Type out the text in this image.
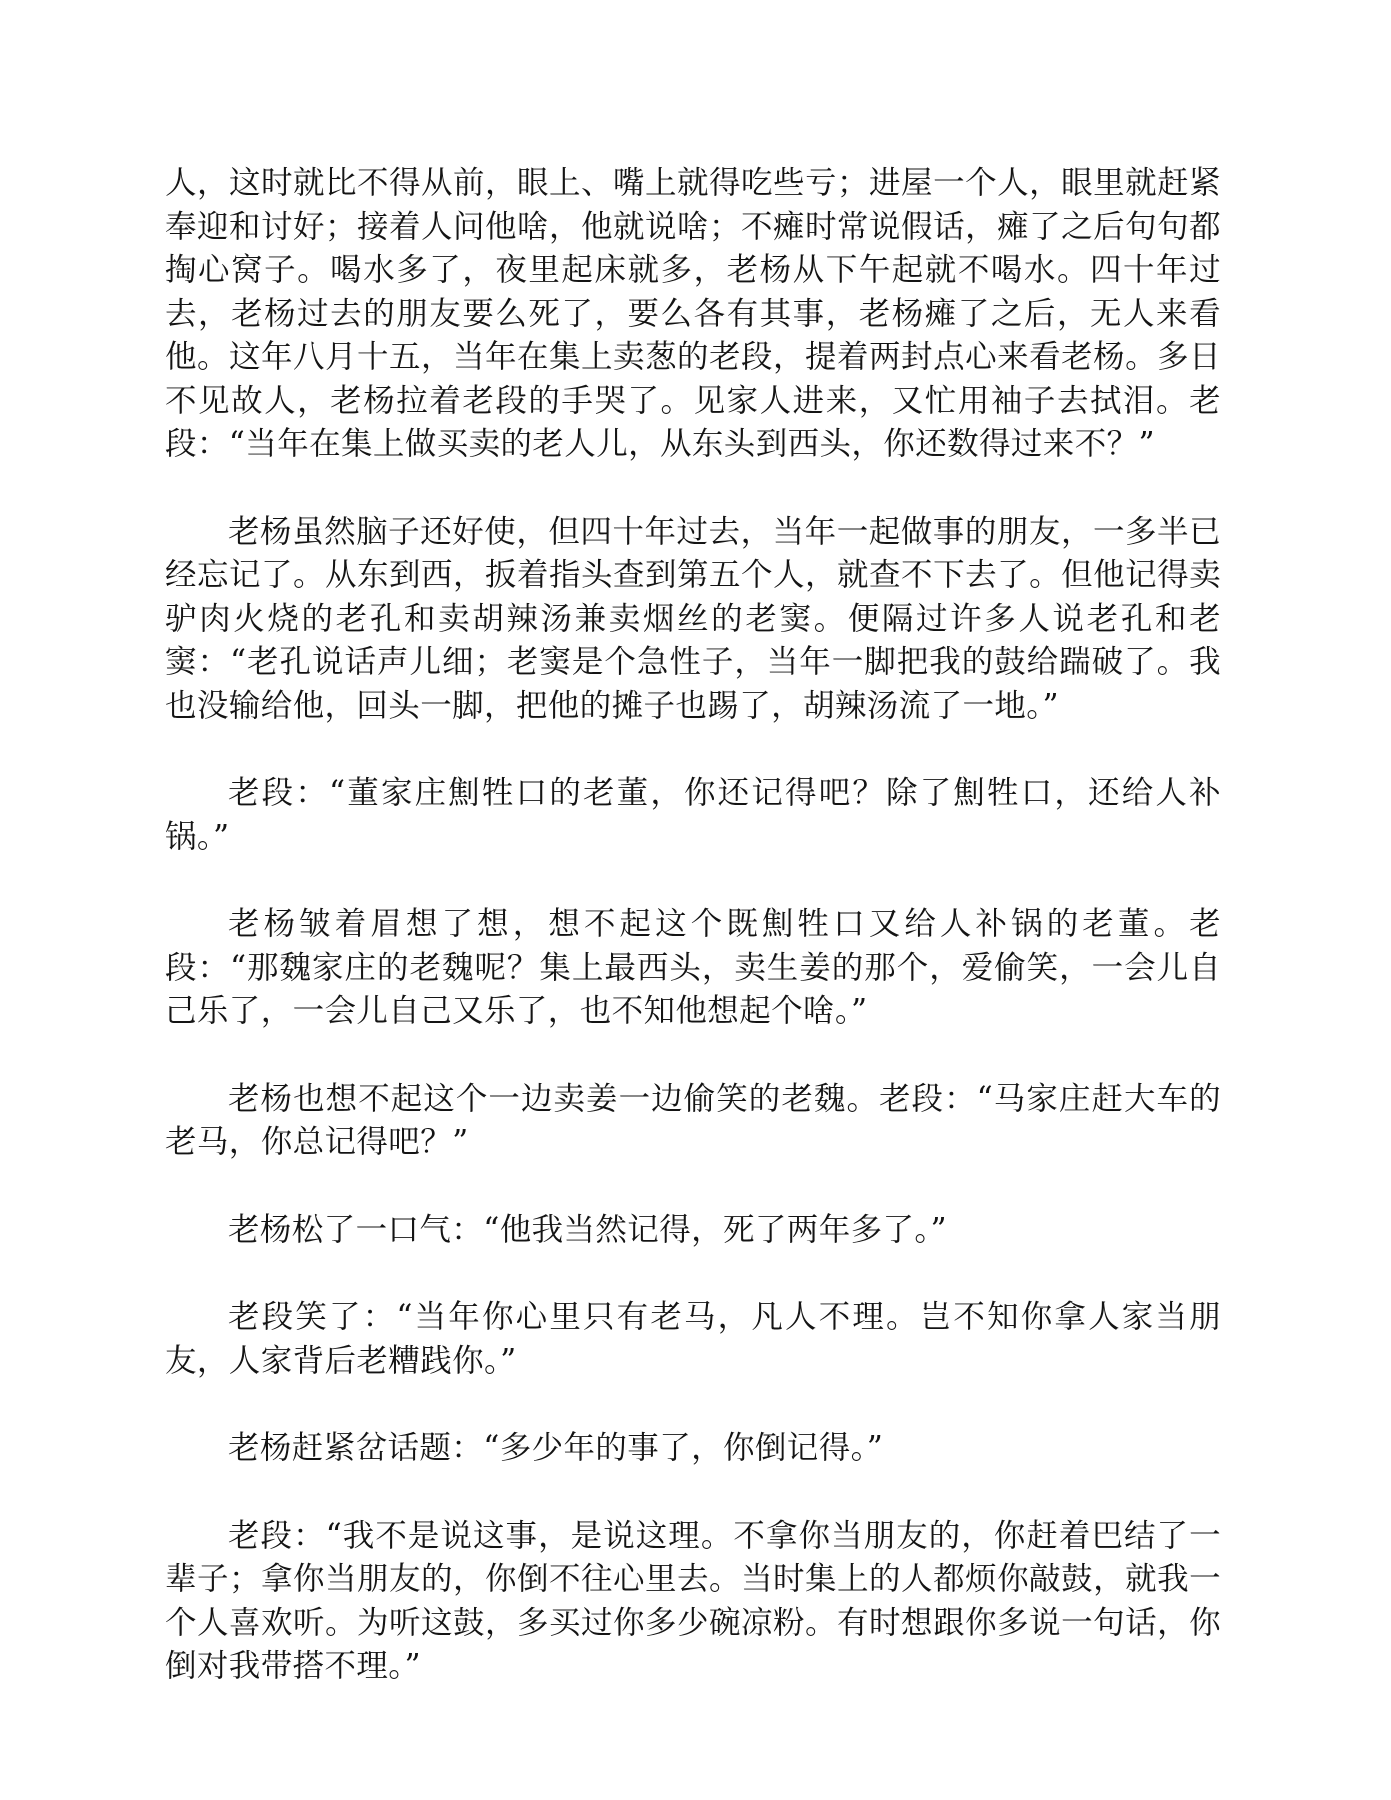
人，这时就比不得从前，眼上、嘴上就得吃些亏；进屋一个人，眼里就赶紧奉迎和讨好；接着人问他啥，他就说啥；不瘫时常说假话，瘫了之后句句都掏心窝子。喝水多了，夜里起床就多，老杨从下午起就不喝水。四十年过去，老杨过去的朋友要么死了，要么各有其事，老杨瘫了之后，无人来看他。这年八月十五，当年在集上卖葱的老段，提着两封点心来看老杨。多日不见故人，老杨拉着老段的手哭了。见家人进来，又忙用袖子去拭泪。老段：“当年在集上做买卖的老人儿，从东头到西头，你还数得过来不？”

老杨虽然脑子还好使，但四十年过去，当年一起做事的朋友，一多半已经忘记了。从东到西，扳着指头查到第五个人，就查不下去了。但他记得卖驴肉火烧的老孔和卖胡辣汤兼卖烟丝的老窦。便隔过许多人说老孔和老窦：“老孔说话声儿细；老窦是个急性子，当年一脚把我的鼓给踹破了。我也没输给他，回头一脚，把他的摊子也踢了，胡辣汤流了一地。”

老段：“董家庄劁牲口的老董，你还记得吧？除了劁牲口，还给人补锅。”

老杨皱着眉想了想，想不起这个既劁牲口又给人补锅的老董。老段：“那魏家庄的老魏呢？集上最西头，卖生姜的那个，爱偷笑，一会儿自己乐了，一会儿自己又乐了，也不知他想起个啥。”

老杨也想不起这个一边卖姜一边偷笑的老魏。老段：“马家庄赶大车的老马，你总记得吧？”

老杨松了一口气：“他我当然记得，死了两年多了。”

老段笑了：“当年你心里只有老马，凡人不理。岂不知你拿人家当朋友，人家背后老糟践你。”

老杨赶紧岔话题：“多少年的事了，你倒记得。”

老段：“我不是说这事，是说这理。不拿你当朋友的，你赶着巴结了一辈子；拿你当朋友的，你倒不往心里去。当时集上的人都烦你敲鼓，就我一个人喜欢听。为听这鼓，多买过你多少碗凉粉。有时想跟你多说一句话，你倒对我带搭不理。”
